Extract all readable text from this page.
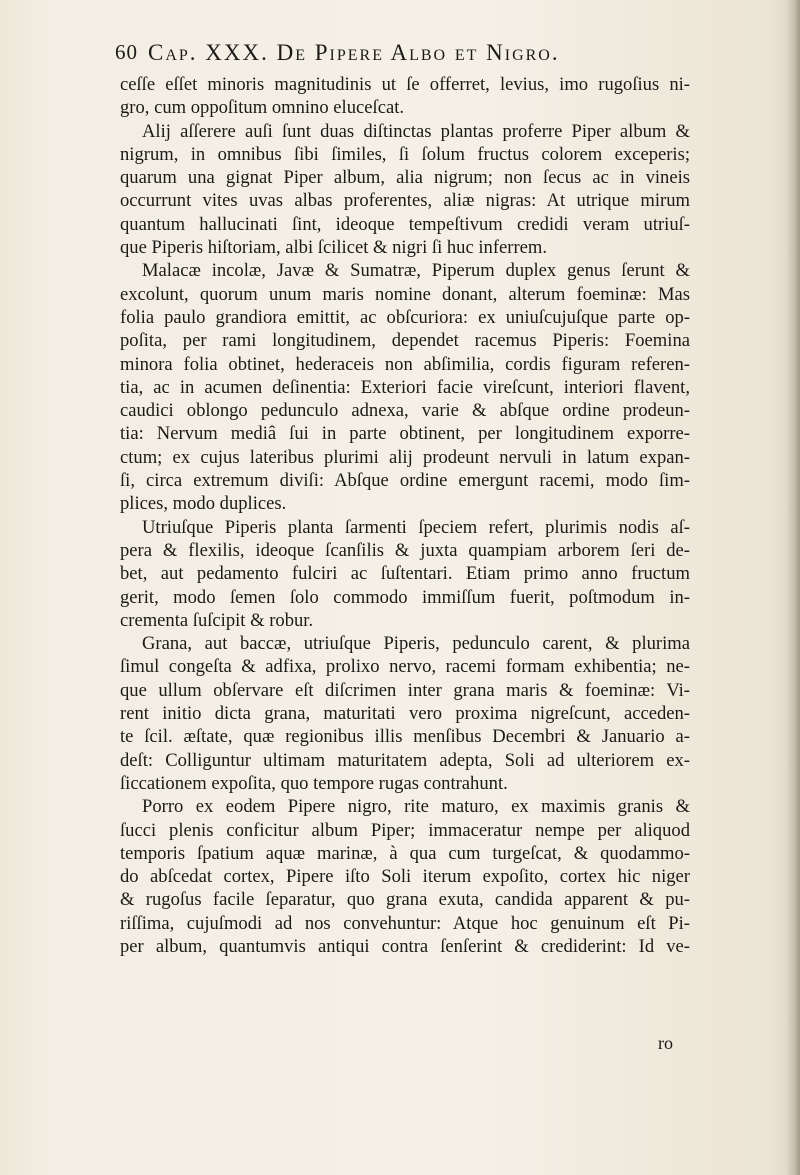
60 Cap. XXX. De Pipere Albo et Nigro.
ceſſe eſſet minoris magnitudinis ut ſe offerret, levius, imo rugoſius ni-
gro, cum oppoſitum omnino eluceſcat.
Alij aſſerere auſi ſunt duas diſtinctas plantas proferre Piper album &
nigrum, in omnibus ſibi ſimiles, ſi ſolum fructus colorem exceperis;
quarum una gignat Piper album, alia nigrum; non ſecus ac in vineis
occurrunt vites uvas albas proferentes, aliæ nigras: At utrique mirum
quantum hallucinati ſint, ideoque tempeſtivum credidi veram utriuſ-
que Piperis hiſtoriam, albi ſcilicet & nigri ſi huc inferrem.
Malacæ incolæ, Javæ & Sumatræ, Piperum duplex genus ſerunt &
excolunt, quorum unum maris nomine donant, alterum foeminæ: Mas
folia paulo grandiora emittit, ac obſcuriora: ex uniuſcujuſque parte op-
poſita, per rami longitudinem, dependet racemus Piperis: Foemina
minora folia obtinet, hederaceis non abſimilia, cordis figuram referen-
tia, ac in acumen deſinentia: Exteriori facie vireſcunt, interiori flavent,
caudici oblongo pedunculo adnexa, varie & abſque ordine prodeun-
tia: Nervum mediâ ſui in parte obtinent, per longitudinem exporre-
ctum; ex cujus lateribus plurimi alij prodeunt nervuli in latum expan-
ſi, circa extremum diviſi: Abſque ordine emergunt racemi, modo ſim-
plices, modo duplices.
Utriuſque Piperis planta ſarmenti ſpeciem refert, plurimis nodis aſ-
pera & flexilis, ideoque ſcanſilis & juxta quampiam arborem ſeri de-
bet, aut pedamento fulciri ac ſuſtentari. Etiam primo anno fructum
gerit, modo ſemen ſolo commodo immiſſum fuerit, poſtmodum in-
crementa ſuſcipit & robur.
Grana, aut baccæ, utriuſque Piperis, pedunculo carent, & plurima
ſimul congeſta & adfixa, prolixo nervo, racemi formam exhibentia; ne-
que ullum obſervare eſt diſcrimen inter grana maris & foeminæ: Vi-
rent initio dicta grana, maturitati vero proxima nigreſcunt, acceden-
te ſcil. æſtate, quæ regionibus illis menſibus Decembri & Januario a-
deſt: Colliguntur ultimam maturitatem adepta, Soli ad ulteriorem ex-
ſiccationem expoſita, quo tempore rugas contrahunt.
Porro ex eodem Pipere nigro, rite maturo, ex maximis granis &
ſucci plenis conficitur album Piper; immaceratur nempe per aliquod
temporis ſpatium aquæ marinæ, à qua cum turgeſcat, & quodammo-
do abſcedat cortex, Pipere iſto Soli iterum expoſito, cortex hic niger
& rugoſus facile ſeparatur, quo grana exuta, candida apparent & pu-
riſſima, cujuſmodi ad nos convehuntur: Atque hoc genuinum eſt Pi-
per album, quantumvis antiqui contra ſenſerint & crediderint: Id ve-
ro
